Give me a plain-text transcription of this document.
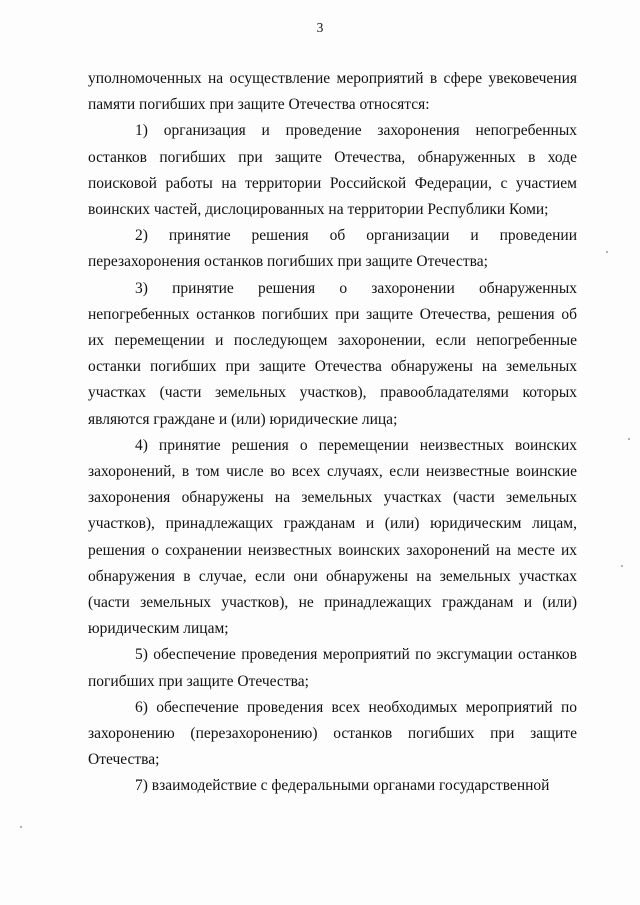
3

уполномоченных на осуществление мероприятий в сфере увековечения памяти погибших при защите Отечества относятся:

1) организация и проведение захоронения непогребенных останков погибших при защите Отечества, обнаруженных в ходе поисковой работы на территории Российской Федерации, с участием воинских частей, дислоцированных на территории Республики Коми;

2) принятие решения об организации и проведении перезахоронения останков погибших при защите Отечества;

3) принятие решения о захоронении обнаруженных непогребенных останков погибших при защите Отечества, решения об их перемещении и последующем захоронении, если непогребенные останки погибших при защите Отечества обнаружены на земельных участках (части земельных участков), правообладателями которых являются граждане и (или) юридические лица;

4) принятие решения о перемещении неизвестных воинских захоронений, в том числе во всех случаях, если неизвестные воинские захоронения обнаружены на земельных участках (части земельных участков), принадлежащих гражданам и (или) юридическим лицам, решения о сохранении неизвестных воинских захоронений на месте их обнаружения в случае, если они обнаружены на земельных участках (части земельных участков), не принадлежащих гражданам и (или) юридическим лицам;

5) обеспечение проведения мероприятий по эксгумации останков погибших при защите Отечества;

6) обеспечение проведения всех необходимых мероприятий по захоронению (перезахоронению) останков погибших при защите Отечества;

7) взаимодействие с федеральными органами государственной
